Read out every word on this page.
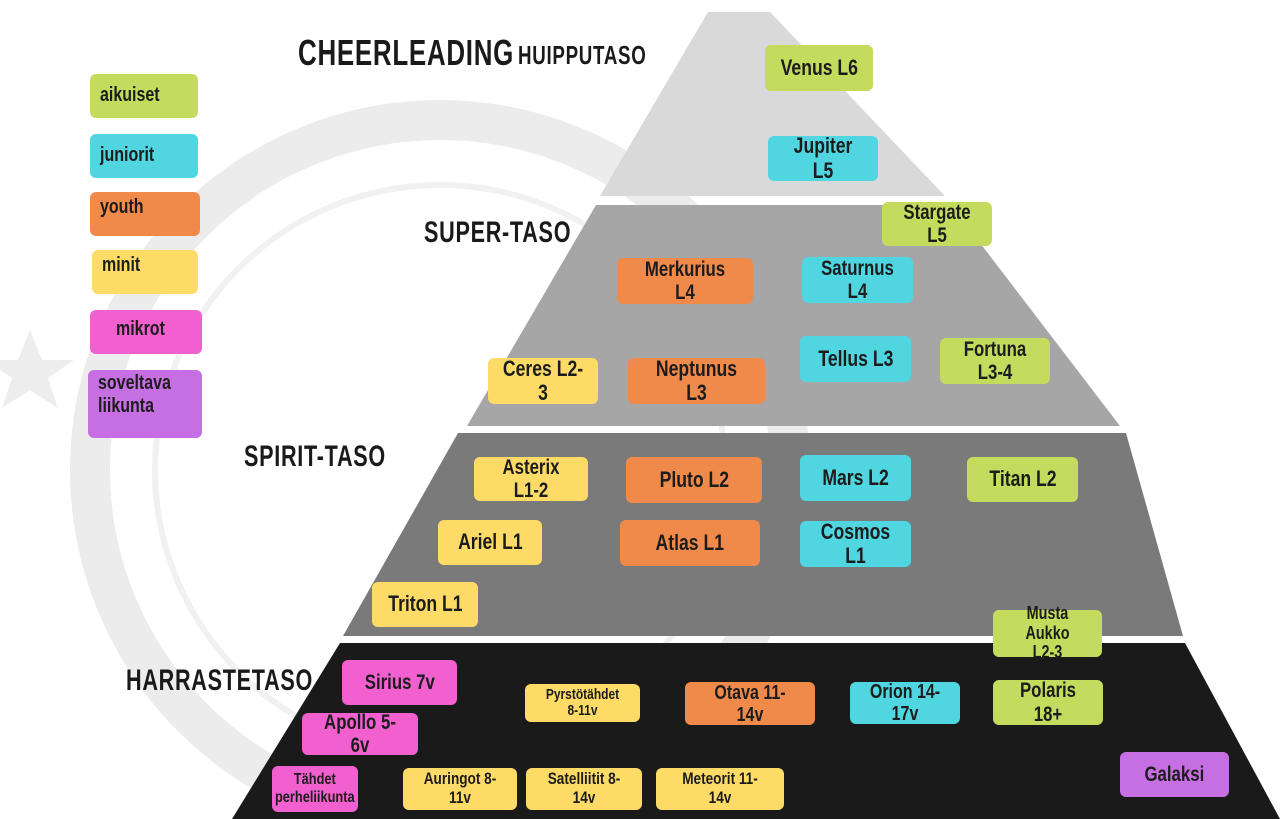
CHEERLEADING HUIPPUTASO
SUPER-TASO
SPIRIT-TASO
HARRASTETASO
aikuiset
juniorit
youth
minit
mikrot
soveltava
liikunta
Venus L6
Jupiter L5
Stargate L5
Merkurius L4
Saturnus L4
Tellus L3	Fortuna L3-4
Ceres L2-3
Neptunus L3
Asterix L1-2	Pluto L2	Mars L2	Titan L2
Ariel L1	Atlas L1	Cosmos L1
Triton L1	Musta Aukko
L2-3
Sirius 7v
Apollo 5-6v
Pyrstötähdet 8-11v
Otava 11-14v
Orion 14-17v
Polaris 18+
Galaksi
Tähdet
perheliikunta
Auringot 8-11v
Satelliitit 8-14v
Meteorit 11-14v
